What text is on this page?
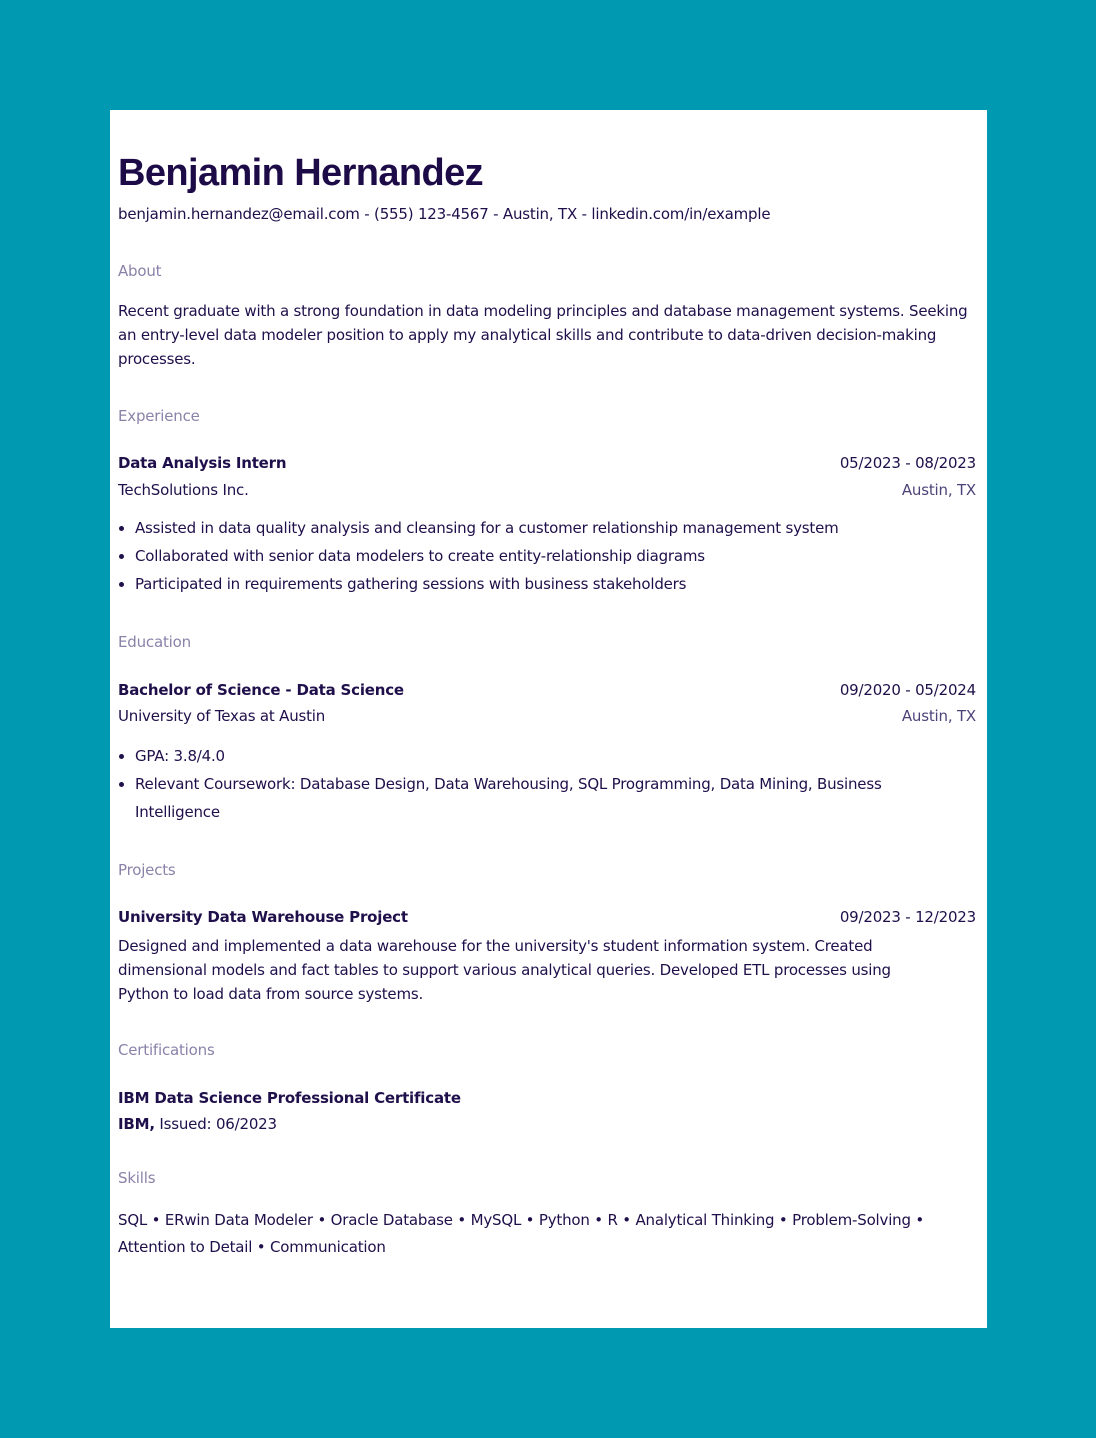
Benjamin Hernandez
benjamin.hernandez@email.com - (555) 123-4567 - Austin, TX - linkedin.com/in/example
About
Recent graduate with a strong foundation in data modeling principles and database management systems. Seeking an entry-level data modeler position to apply my analytical skills and contribute to data-driven decision-making processes.
Experience
Data Analysis Intern	05/2023 - 08/2023
TechSolutions Inc.	Austin, TX
• Assisted in data quality analysis and cleansing for a customer relationship management system
• Collaborated with senior data modelers to create entity-relationship diagrams
• Participated in requirements gathering sessions with business stakeholders
Education
Bachelor of Science - Data Science	09/2020 - 05/2024
University of Texas at Austin	Austin, TX
• GPA: 3.8/4.0
• Relevant Coursework: Database Design, Data Warehousing, SQL Programming, Data Mining, Business Intelligence
Projects
University Data Warehouse Project	09/2023 - 12/2023
Designed and implemented a data warehouse for the university's student information system. Created dimensional models and fact tables to support various analytical queries. Developed ETL processes using Python to load data from source systems.
Certifications
IBM Data Science Professional Certificate
IBM, Issued: 06/2023
Skills
SQL • ERwin Data Modeler • Oracle Database • MySQL • Python • R • Analytical Thinking • Problem-Solving • Attention to Detail • Communication
